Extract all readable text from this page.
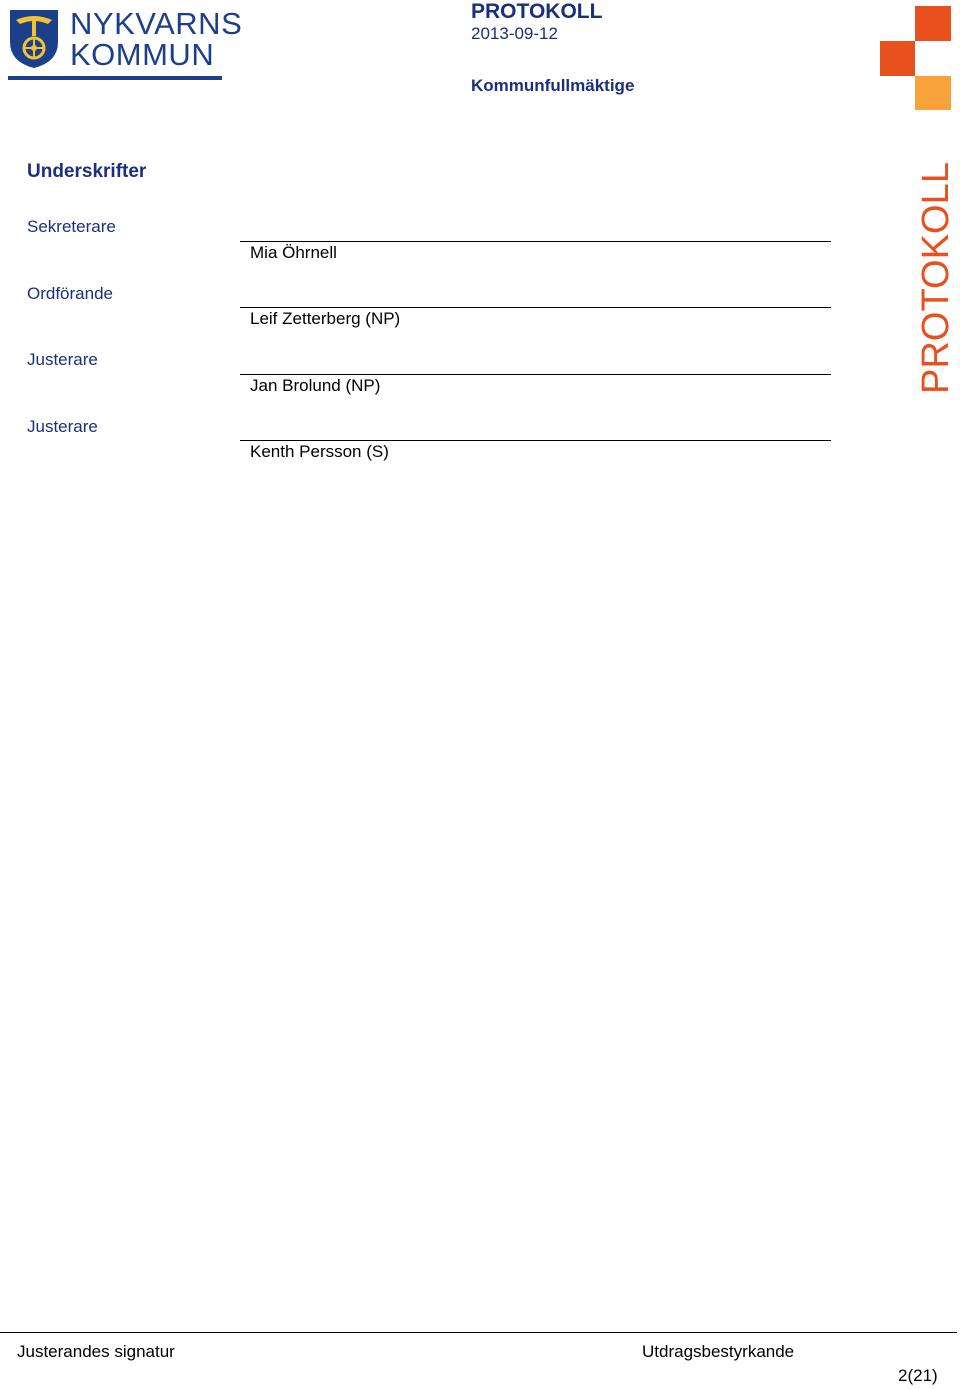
NYKVARNS
KOMMUN
PROTOKOLL
2013-09-12
Kommunfullmäktige
PROTOKOLL
Underskrifter
Sekreterare
Mia Öhrnell
Ordförande
Leif Zetterberg (NP)
Justerare
Jan Brolund (NP)
Justerare
Kenth Persson (S)
Justerandes signatur	Utdragsbestyrkande
2(21)
